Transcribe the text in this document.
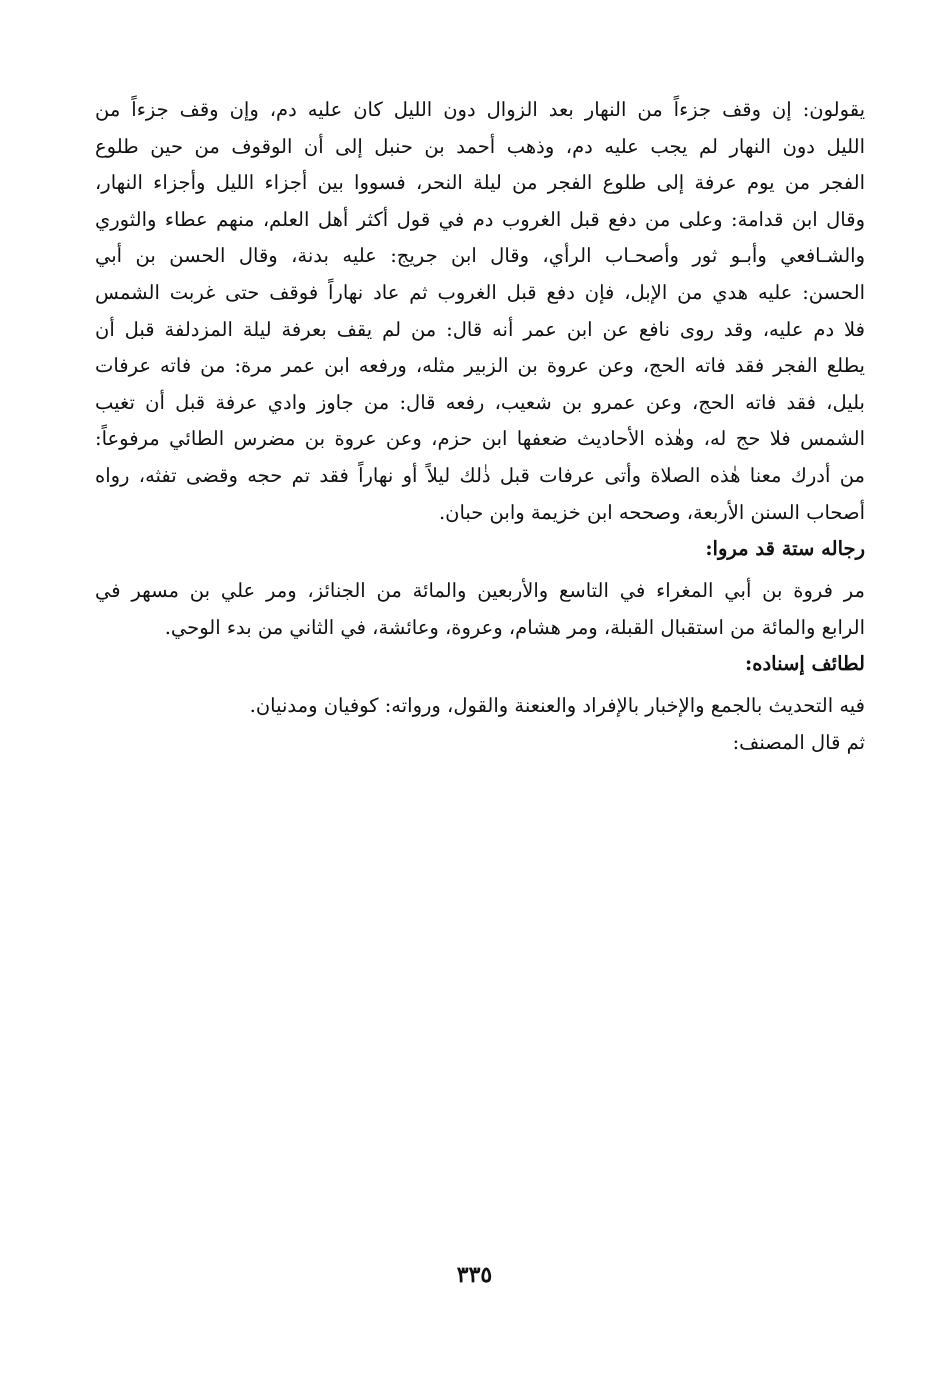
يقولون: إن وقف جزءاً من النهار بعد الزوال دون الليل كان عليه دم، وإن وقف جزءاً من
الليل دون النهار لم يجب عليه دم، وذهب أحمد بن حنبل إلى أن الوقوف من حين طلوع
الفجر من يوم عرفة إلى طلوع الفجر من ليلة النحر، فسووا بين أجزاء الليل وأجزاء النهار،
وقال ابن قدامة: وعلى من دفع قبل الغروب دم في قول أكثر أهل العلم، منهم عطاء والثوري
والشـافعي وأبـو ثور وأصحـاب الرأي، وقال ابن جريج: عليه بدنة، وقال الحسن بن أبي
الحسن: عليه هدي من الإبل، فإن دفع قبل الغروب ثم عاد نهاراً فوقف حتى غربت الشمس
فلا دم عليه، وقد روى نافع عن ابن عمر أنه قال: من لم يقف بعرفة ليلة المزدلفة قبل أن
يطلع الفجر فقد فاته الحج، وعن عروة بن الزبير مثله، ورفعه ابن عمر مرة: من فاته عرفات
بليل، فقد فاته الحج، وعن عمرو بن شعيب، رفعه قال: من جاوز وادي عرفة قبل أن تغيب
الشمس فلا حج له، وهٰذه الأحاديث ضعفها ابن حزم، وعن عروة بن مضرس الطائي مرفوعاً:
من أدرك معنا هٰذه الصلاة وأتى عرفات قبل ذٰلك ليلاً أو نهاراً فقد تم حجه وقضى تفثه، رواه
أصحاب السنن الأربعة، وصححه ابن خزيمة وابن حبان.
رجاله ستة قد مروا:
مر فروة بن أبي المغراء في التاسع والأربعين والمائة من الجنائز، ومر علي بن مسهر في
الرابع والمائة من استقبال القبلة، ومر هشام، وعروة، وعائشة، في الثاني من بدء الوحي.
لطائف إسناده:
فيه التحديث بالجمع والإخبار بالإفراد والعنعنة والقول، ورواته: كوفيان ومدنيان.
ثم قال المصنف:
٣٣٥
